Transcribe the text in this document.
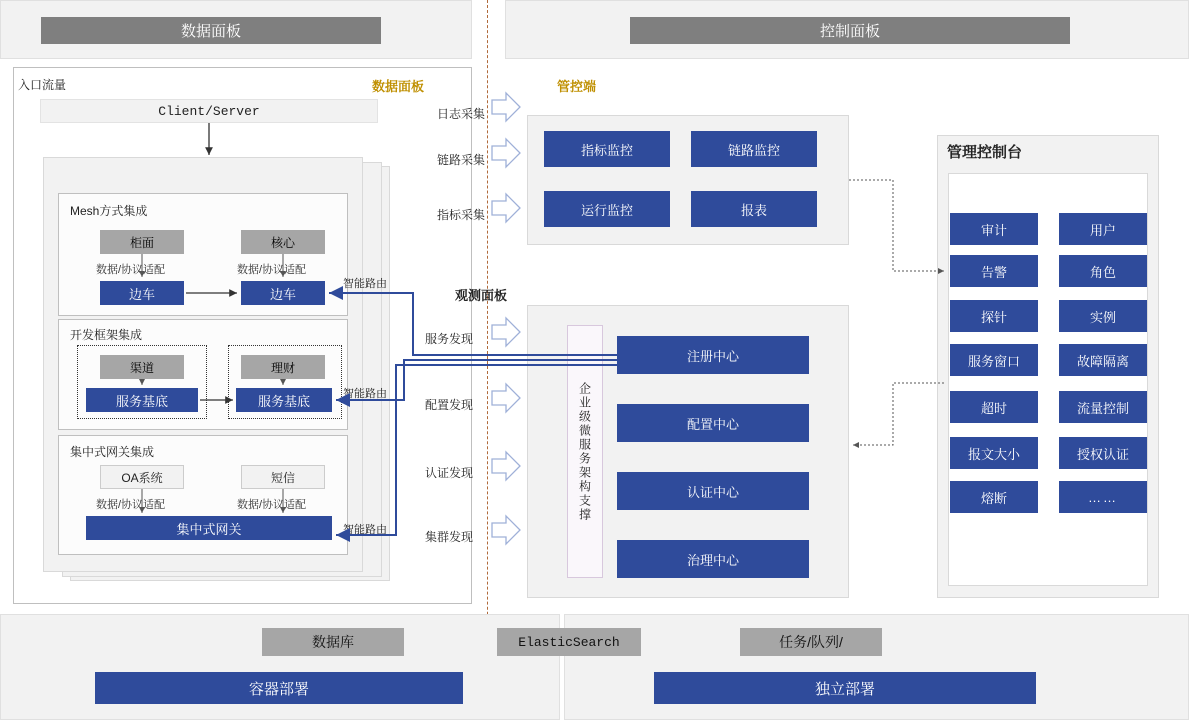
数据面板	控制面板
入口流量	数据面板
Client/Server
Mesh方式集成
柜面	核心
数据/协议适配	数据/协议适配
边车	边车
智能路由
开发框架集成
渠道	理财
服务基底	服务基底	智能路由
集中式网关集成
OA系统	短信
数据/协议适配	数据/协议适配
集中式网关	智能路由
管控端
观测面板
日志采集
链路采集
指标采集
服务发现
配置发现
认证发现
集群发现
指标监控	链路监控
运行监控	报表
企业级微服务架构支撑
注册中心
配置中心
认证中心
治理中心
管理控制台
审计	用户
告警	角色
探针	实例
服务窗口	故障隔离
超时	流量控制
报文大小	授权认证
熔断	……
数据库	ElasticSearch	任务/队列/
容器部署	独立部署
